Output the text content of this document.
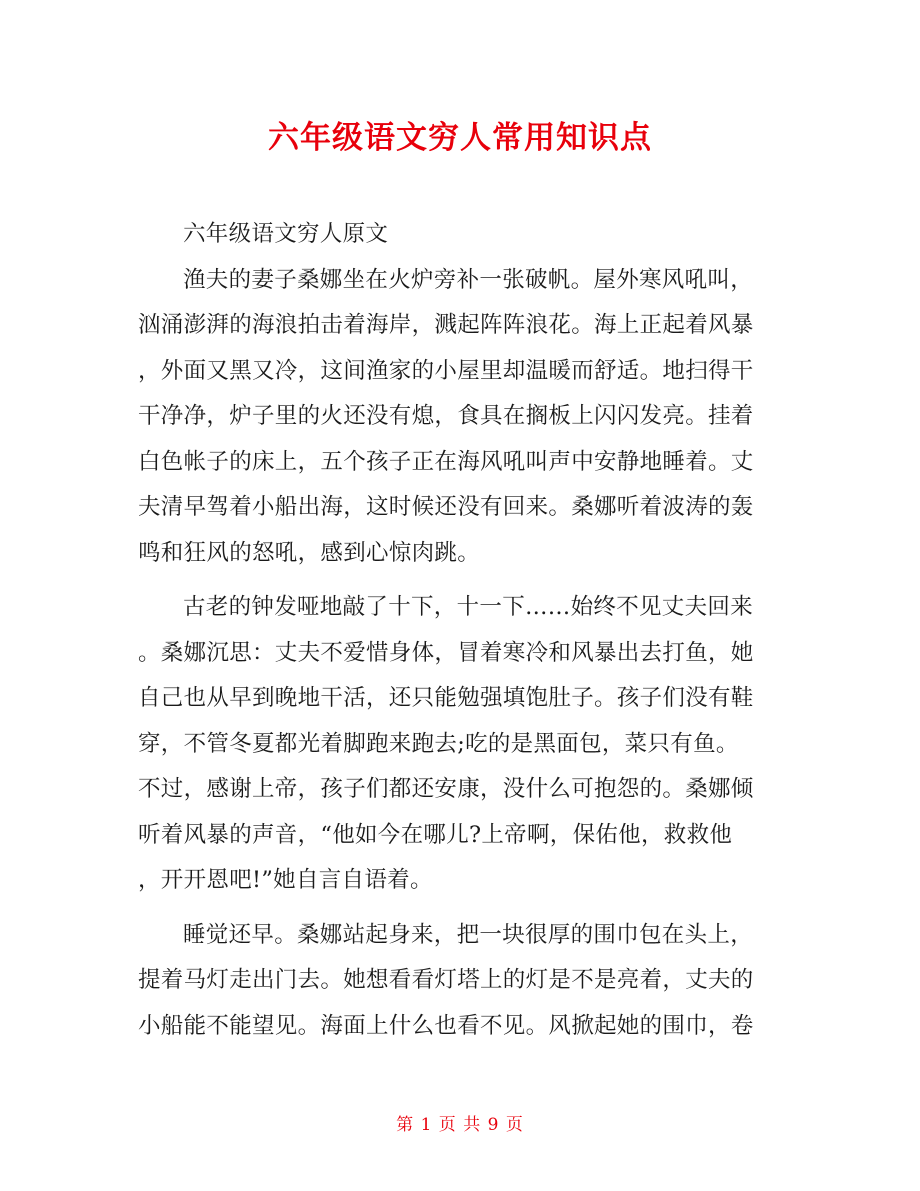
六年级语文穷人常用知识点
六年级语文穷人原文
渔夫的妻子桑娜坐在火炉旁补一张破帆。屋外寒风吼叫，
汹涌澎湃的海浪拍击着海岸，溅起阵阵浪花。海上正起着风暴
，外面又黑又冷，这间渔家的小屋里却温暖而舒适。地扫得干
干净净，炉子里的火还没有熄，食具在搁板上闪闪发亮。挂着
白色帐子的床上，五个孩子正在海风吼叫声中安静地睡着。丈
夫清早驾着小船出海，这时候还没有回来。桑娜听着波涛的轰
鸣和狂风的怒吼，感到心惊肉跳。
古老的钟发哑地敲了十下，十一下……始终不见丈夫回来
。桑娜沉思：丈夫不爱惜身体，冒着寒冷和风暴出去打鱼，她
自己也从早到晚地干活，还只能勉强填饱肚子。孩子们没有鞋
穿，不管冬夏都光着脚跑来跑去;吃的是黑面包，菜只有鱼。
不过，感谢上帝，孩子们都还安康，没什么可抱怨的。桑娜倾
听着风暴的声音，“他如今在哪儿?上帝啊，保佑他，救救他
，开开恩吧!”她自言自语着。
睡觉还早。桑娜站起身来，把一块很厚的围巾包在头上，
提着马灯走出门去。她想看看灯塔上的灯是不是亮着，丈夫的
小船能不能望见。海面上什么也看不见。风掀起她的围巾，卷
第 1 页 共 9 页
